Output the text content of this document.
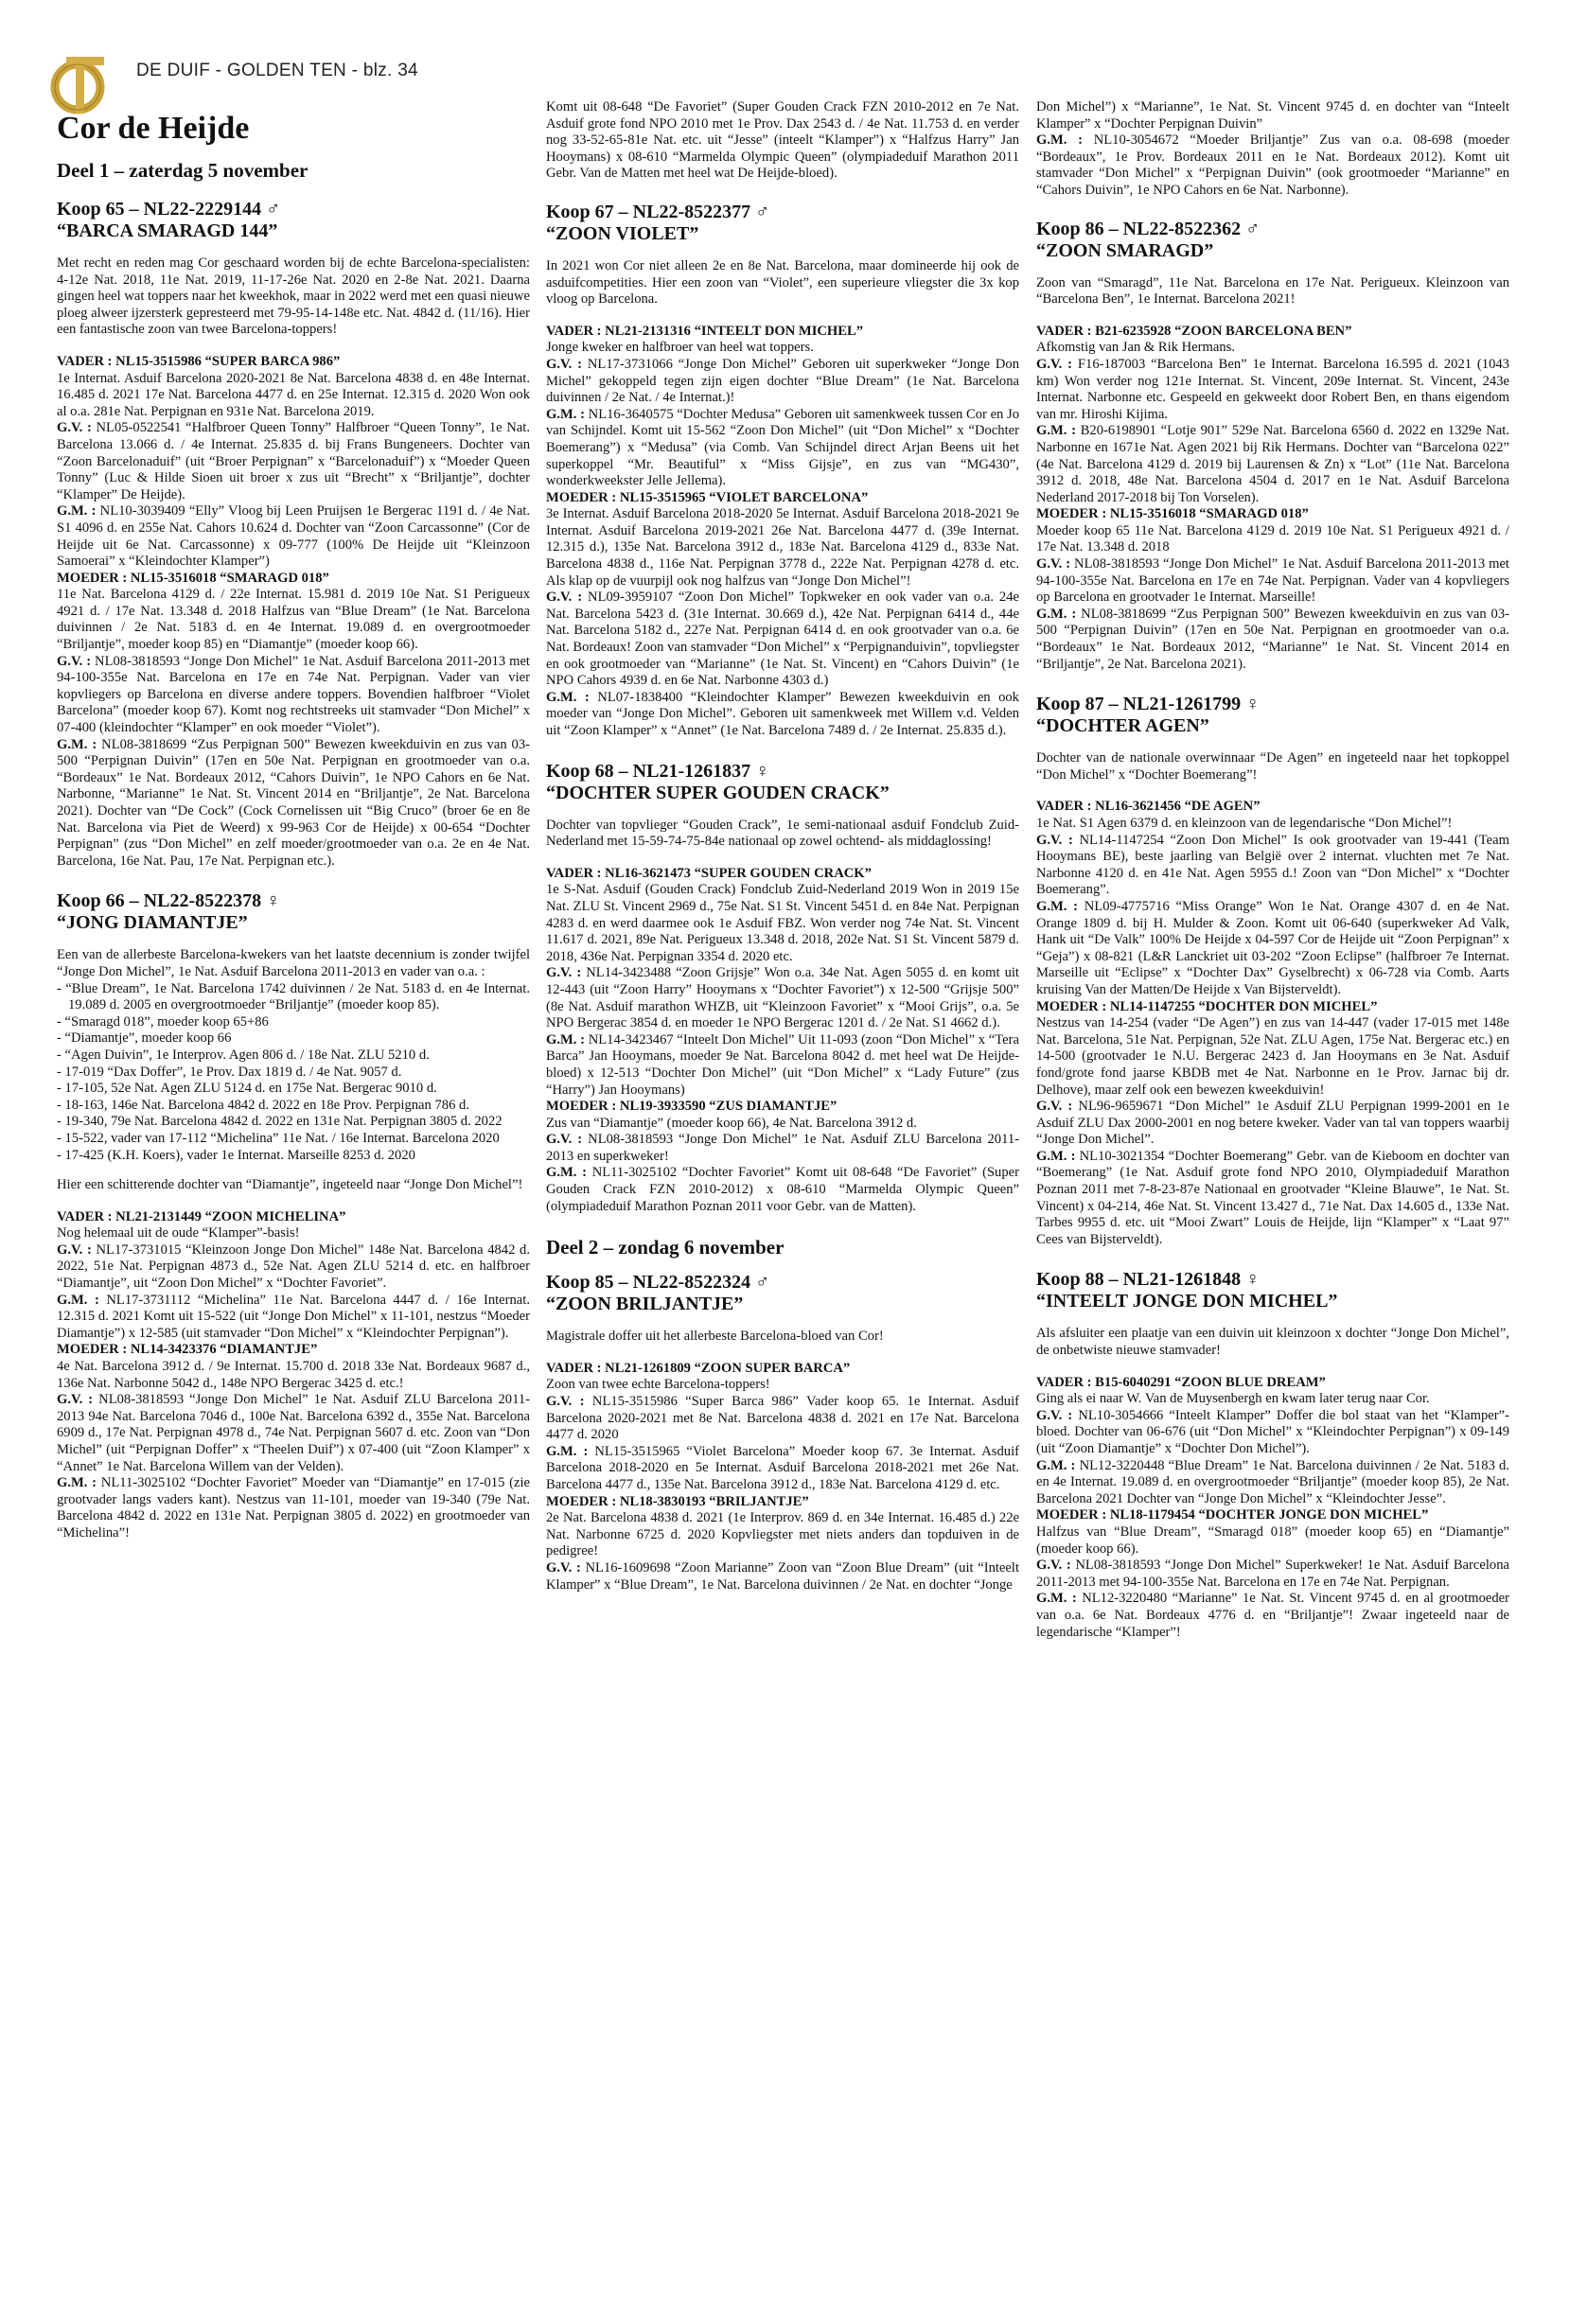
DE DUIF - GOLDEN TEN - blz. 34
Cor de Heijde
Deel 1 – zaterdag 5 november
Koop 65 – NL22-2229144 ♂
“BARCA SMARAGD 144”

Met recht en reden mag Cor geschaard worden bij de echte Barcelona-specialisten: 4-12e Nat. 2018, 11e Nat. 2019, 11-17-26e Nat. 2020 en 2-8e Nat. 2021. Daarna gingen heel wat toppers naar het kweekhok, maar in 2022 werd met een quasi nieuwe ploeg alweer ijzersterk gepresteerd met 79-95-14-148e etc. Nat. 4842 d. (11/16). Hier een fantastische zoon van twee Barcelona-toppers!

VADER : NL15-3515986 “SUPER BARCA 986”
1e Internat. Asduif Barcelona 2020-2021 8e Nat. Barcelona 4838 d. en 48e Internat. 16.485 d. 2021 17e Nat. Barcelona 4477 d. en 25e Internat. 12.315 d. 2020 Won ook al o.a. 281e Nat. Perpignan en 931e Nat. Barcelona 2019.

G.V. : NL05-0522541 “Halfbroer Queen Tonny” Halfbroer “Queen Tonny”, 1e Nat. Barcelona 13.066 d. / 4e Internat. 25.835 d. bij Frans Bungeneers. Dochter van “Zoon Barcelonaduif” (uit “Broer Perpignan” x “Barcelonaduif”) x “Moeder Queen Tonny” (Luc & Hilde Sioen uit broer x zus uit “Brecht” x “Briljantje”, dochter “Klamper” De Heijde).

G.M. : NL10-3039409 “Elly” Vloog bij Leen Pruijsen 1e Bergerac 1191 d. / 4e Nat. S1 4096 d. en 255e Nat. Cahors 10.624 d. Dochter van “Zoon Carcassonne” (Cor de Heijde uit 6e Nat. Carcassonne) x 09-777 (100% De Heijde uit “Kleinzoon Samoerai” x “Kleindochter Klamper”)

MOEDER : NL15-3516018 “SMARAGD 018”
11e Nat. Barcelona 4129 d. / 22e Internat. 15.981 d. 2019 10e Nat. S1 Perigueux 4921 d. / 17e Nat. 13.348 d. 2018 Halfzus van “Blue Dream” (1e Nat. Barcelona duivinnen / 2e Nat. 5183 d. en 4e Internat. 19.089 d. en overgrootmoeder “Briljantje”, moeder koop 85) en “Diamantje” (moeder koop 66).

G.V. : NL08-3818593 “Jonge Don Michel” 1e Nat. Asduif Barcelona 2011-2013 met 94-100-355e Nat. Barcelona en 17e en 74e Nat. Perpignan. Vader van vier kopvliegers op Barcelona en diverse andere toppers. Bovendien halfbroer “Violet Barcelona” (moeder koop 67). Komt nog rechtstreeks uit stamvader “Don Michel” x 07-400 (kleindochter “Klamper” en ook moeder “Violet”).

G.M. : NL08-3818699 “Zus Perpignan 500” Bewezen kweekduivin en zus van 03-500 “Perpignan Duivin” (17en en 50e Nat. Perpignan en grootmoeder van o.a. “Bordeaux” 1e Nat. Bordeaux 2012, “Cahors Duivin”, 1e NPO Cahors en 6e Nat. Narbonne, “Marianne” 1e Nat. St. Vincent 2014 en “Briljantje”, 2e Nat. Barcelona 2021). Dochter van “De Cock” (Cock Cornelissen uit “Big Cruco” (broer 6e en 8e Nat. Barcelona via Piet de Weerd) x 99-963 Cor de Heijde) x 00-654 “Dochter Perpignan” (zus “Don Michel” en zelf moeder/grootmoeder van o.a. 2e en 4e Nat. Barcelona, 16e Nat. Pau, 17e Nat. Perpignan etc.).

Koop 66 – NL22-8522378 ♀
“JONG DIAMANTJE”

Een van de allerbeste Barcelona-kwekers van het laatste decennium is zonder twijfel “Jonge Don Michel”, 1e Nat. Asduif Barcelona 2011-2013 en vader van o.a. :

- “Blue Dream”, 1e Nat. Barcelona 1742 duivinnen / 2e Nat. 5183 d. en 4e Internat. 19.089 d. 2005 en overgrootmoeder “Briljantje” (moeder koop 85).
- “Smaragd 018”, moeder koop 65+86
- “Diamantje”, moeder koop 66
- “Agen Duivin”, 1e Interprov. Agen 806 d. / 18e Nat. ZLU 5210 d.
- 17-019 “Dax Doffer”, 1e Prov. Dax 1819 d. / 4e Nat. 9057 d.
- 17-105, 52e Nat. Agen ZLU 5124 d. en 175e Nat. Bergerac 9010 d.
- 18-163, 146e Nat. Barcelona 4842 d. 2022 en 18e Prov. Perpignan 786 d.
- 19-340, 79e Nat. Barcelona 4842 d. 2022 en 131e Nat. Perpignan 3805 d. 2022
- 15-522, vader van 17-112 “Michelina” 11e Nat. / 16e Internat. Barcelona 2020
- 17-425 (K.H. Koers), vader 1e Internat. Marseille 8253 d. 2020

Hier een schitterende dochter van “Diamantje”, ingeteeld naar “Jonge Don Michel”!

VADER : NL21-2131449 “ZOON MICHELINA”
Nog helemaal uit de oude “Klamper”-basis!

G.V. : NL17-3731015 “Kleinzoon Jonge Don Michel” 148e Nat. Barcelona 4842 d. 2022, 51e Nat. Perpignan 4873 d., 52e Nat. Agen ZLU 5214 d. etc. en halfbroer “Diamantje”, uit “Zoon Don Michel” x “Dochter Favoriet”.

G.M. : NL17-3731112 “Michelina” 11e Nat. Barcelona 4447 d. / 16e Internat. 12.315 d. 2021 Komt uit 15-522 (uit “Jonge Don Michel” x 11-101, nestzus “Moeder Diamantje”) x 12-585 (uit stamvader “Don Michel” x “Kleindochter Perpignan”).

MOEDER : NL14-3423376 “DIAMANTJE”
4e Nat. Barcelona 3912 d. / 9e Internat. 15.700 d. 2018 33e Nat. Bordeaux 9687 d., 136e Nat. Narbonne 5042 d., 148e NPO Bergerac 3425 d. etc.!

G.V. : NL08-3818593 “Jonge Don Michel” 1e Nat. Asduif ZLU Barcelona 2011-2013 94e Nat. Barcelona 7046 d., 100e Nat. Barcelona 6392 d., 355e Nat. Barcelona 6909 d., 17e Nat. Perpignan 4978 d., 74e Nat. Perpignan 5607 d. etc. Zoon van “Don Michel” (uit “Perpignan Doffer” x “Theelen Duif”) x 07-400 (uit “Zoon Klamper” x “Annet” 1e Nat. Barcelona Willem van der Velden).

G.M. : NL11-3025102 “Dochter Favoriet” Moeder van “Diamantje” en 17-015 (zie grootvader langs vaders kant). Nestzus van 11-101, moeder van 19-340 (79e Nat. Barcelona 4842 d. 2022 en 131e Nat. Perpignan 3805 d. 2022) en grootmoeder van “Michelina”!

Komt uit 08-648 “De Favoriet” (Super Gouden Crack FZN 2010-2012 en 7e Nat. Asduif grote fond NPO 2010 met 1e Prov. Dax 2543 d. / 4e Nat. 11.753 d. en verder nog 33-52-65-81e Nat. etc. uit “Jesse” (inteelt “Klamper”) x “Halfzus Harry” Jan Hooymans) x 08-610 “Marmelda Olympic Queen” (olympiadeduif Marathon 2011 Gebr. Van de Matten met heel wat De Heijde-bloed).

Koop 67 – NL22-8522377 ♂
“ZOON VIOLET”

In 2021 won Cor niet alleen 2e en 8e Nat. Barcelona, maar domineerde hij ook de asduifcompetities. Hier een zoon van “Violet”, een superieure vliegster die 3x kop vloog op Barcelona.

VADER : NL21-2131316 “INTEELT DON MICHEL”
Jonge kweker en halfbroer van heel wat toppers.

G.V. : NL17-3731066 “Jonge Don Michel” Geboren uit superkweker “Jonge Don Michel” gekoppeld tegen zijn eigen dochter “Blue Dream” (1e Nat. Barcelona duivinnen / 2e Nat. / 4e Internat.)!

G.M. : NL16-3640575 “Dochter Medusa” Geboren uit samenkweek tussen Cor en Jo van Schijndel. Komt uit 15-562 “Zoon Don Michel” (uit “Don Michel” x “Dochter Boemerang”) x “Medusa” (via Comb. Van Schijndel direct Arjan Beens uit het superkoppel “Mr. Beautiful” x “Miss Gijsje”, en zus van “MG430”, wonderkweekster Jelle Jellema).

MOEDER : NL15-3515965 “VIOLET BARCELONA”
3e Internat. Asduif Barcelona 2018-2020 5e Internat. Asduif Barcelona 2018-2021 9e Internat. Asduif Barcelona 2019-2021 26e Nat. Barcelona 4477 d. (39e Internat. 12.315 d.), 135e Nat. Barcelona 3912 d., 183e Nat. Barcelona 4129 d., 833e Nat. Barcelona 4838 d., 116e Nat. Perpignan 3778 d., 222e Nat. Perpignan 4278 d. etc. Als klap op de vuurpijl ook nog halfzus van “Jonge Don Michel”!

G.V. : NL09-3959107 “Zoon Don Michel” Topkweker en ook vader van o.a. 24e Nat. Barcelona 5423 d. (31e Internat. 30.669 d.), 42e Nat. Perpignan 6414 d., 44e Nat. Barcelona 5182 d., 227e Nat. Perpignan 6414 d. en ook grootvader van o.a. 6e Nat. Bordeaux! Zoon van stamvader “Don Michel” x “Perpignanduivin”, topvliegster en ook grootmoeder van “Marianne” (1e Nat. St. Vincent) en “Cahors Duivin” (1e NPO Cahors 4939 d. en 6e Nat. Narbonne 4303 d.)

G.M. : NL07-1838400 “Kleindochter Klamper” Bewezen kweekduivin en ook moeder van “Jonge Don Michel”. Geboren uit samenkweek met Willem v.d. Velden uit “Zoon Klamper” x “Annet” (1e Nat. Barcelona 7489 d. / 2e Internat. 25.835 d.).

Koop 68 – NL21-1261837 ♀
“DOCHTER SUPER GOUDEN CRACK”

Dochter van topvlieger “Gouden Crack”, 1e semi-nationaal asduif Fondclub Zuid-Nederland met 15-59-74-75-84e nationaal op zowel ochtend- als middaglossing!

VADER : NL16-3621473 “SUPER GOUDEN CRACK”
1e S-Nat. Asduif (Gouden Crack) Fondclub Zuid-Nederland 2019 Won in 2019 15e Nat. ZLU St. Vincent 2969 d., 75e Nat. S1 St. Vincent 5451 d. en 84e Nat. Perpignan 4283 d. en werd daarmee ook 1e Asduif FBZ. Won verder nog 74e Nat. St. Vincent 11.617 d. 2021, 89e Nat. Perigueux 13.348 d. 2018, 202e Nat. S1 St. Vincent 5879 d. 2018, 436e Nat. Perpignan 3354 d. 2020 etc.

G.V. : NL14-3423488 “Zoon Grijsje” Won o.a. 34e Nat. Agen 5055 d. en komt uit 12-443 (uit “Zoon Harry” Hooymans x “Dochter Favoriet”) x 12-500 “Grijsje 500” (8e Nat. Asduif marathon WHZB, uit “Kleinzoon Favoriet” x “Mooi Grijs”, o.a. 5e NPO Bergerac 3854 d. en moeder 1e NPO Bergerac 1201 d. / 2e Nat. S1 4662 d.).

G.M. : NL14-3423467 “Inteelt Don Michel” Uit 11-093 (zoon “Don Michel” x “Tera Barca” Jan Hooymans, moeder 9e Nat. Barcelona 8042 d. met heel wat De Heijde-bloed) x 12-513 “Dochter Don Michel” (uit “Don Michel” x “Lady Future” (zus “Harry”) Jan Hooymans)

MOEDER : NL19-3933590 “ZUS DIAMANTJE”
Zus van “Diamantje” (moeder koop 66), 4e Nat. Barcelona 3912 d.

G.V. : NL08-3818593 “Jonge Don Michel” 1e Nat. Asduif ZLU Barcelona 2011-2013 en superkweker!

G.M. : NL11-3025102 “Dochter Favoriet” Komt uit 08-648 “De Favoriet” (Super Gouden Crack FZN 2010-2012) x 08-610 “Marmelda Olympic Queen” (olympiadeduif Marathon Poznan 2011 voor Gebr. van de Matten).

Deel 2 – zondag 6 november
Koop 85 – NL22-8522324 ♂
“ZOON BRILJANTJE”

Magistrale doffer uit het allerbeste Barcelona-bloed van Cor!

VADER : NL21-1261809 “ZOON SUPER BARCA”
Zoon van twee echte Barcelona-toppers!

G.V. : NL15-3515986 “Super Barca 986” Vader koop 65. 1e Internat. Asduif Barcelona 2020-2021 met 8e Nat. Barcelona 4838 d. 2021 en 17e Nat. Barcelona 4477 d. 2020

G.M. : NL15-3515965 “Violet Barcelona” Moeder koop 67. 3e Internat. Asduif Barcelona 2018-2020 en 5e Internat. Asduif Barcelona 2018-2021 met 26e Nat. Barcelona 4477 d., 135e Nat. Barcelona 3912 d., 183e Nat. Barcelona 4129 d. etc.

MOEDER : NL18-3830193 “BRILJANTJE”
2e Nat. Barcelona 4838 d. 2021 (1e Interprov. 869 d. en 34e Internat. 16.485 d.) 22e Nat. Narbonne 6725 d. 2020 Kopvliegster met niets anders dan topduiven in de pedigree!

G.V. : NL16-1609698 “Zoon Marianne” Zoon van “Zoon Blue Dream” (uit “Inteelt Klamper” x “Blue Dream”, 1e Nat. Barcelona duivinnen / 2e Nat. en dochter “Jonge

Don Michel”) x “Marianne”, 1e Nat. St. Vincent 9745 d. en dochter van “Inteelt Klamper” x “Dochter Perpignan Duivin”

G.M. : NL10-3054672 “Moeder Briljantje” Zus van o.a. 08-698 (moeder “Bordeaux”, 1e Prov. Bordeaux 2011 en 1e Nat. Bordeaux 2012). Komt uit stamvader “Don Michel” x “Perpignan Duivin” (ook grootmoeder “Marianne” en “Cahors Duivin”, 1e NPO Cahors en 6e Nat. Narbonne).

Koop 86 – NL22-8522362 ♂
“ZOON SMARAGD”

Zoon van “Smaragd”, 11e Nat. Barcelona en 17e Nat. Perigueux. Kleinzoon van “Barcelona Ben”, 1e Internat. Barcelona 2021!

VADER : B21-6235928 “ZOON BARCELONA BEN”
Afkomstig van Jan & Rik Hermans.

G.V. : F16-187003 “Barcelona Ben” 1e Internat. Barcelona 16.595 d. 2021 (1043 km) Won verder nog 121e Internat. St. Vincent, 209e Internat. St. Vincent, 243e Internat. Narbonne etc. Gespeeld en gekweekt door Robert Ben, en thans eigendom van mr. Hiroshi Kijima.

G.M. : B20-6198901 “Lotje 901” 529e Nat. Barcelona 6560 d. 2022 en 1329e Nat. Narbonne en 1671e Nat. Agen 2021 bij Rik Hermans. Dochter van “Barcelona 022” (4e Nat. Barcelona 4129 d. 2019 bij Laurensen & Zn) x “Lot” (11e Nat. Barcelona 3912 d. 2018, 48e Nat. Barcelona 4504 d. 2017 en 1e Nat. Asduif Barcelona Nederland 2017-2018 bij Ton Vorselen).

MOEDER : NL15-3516018 “SMARAGD 018”
Moeder koop 65 11e Nat. Barcelona 4129 d. 2019 10e Nat. S1 Perigueux 4921 d. / 17e Nat. 13.348 d. 2018

G.V. : NL08-3818593 “Jonge Don Michel” 1e Nat. Asduif Barcelona 2011-2013 met 94-100-355e Nat. Barcelona en 17e en 74e Nat. Perpignan. Vader van 4 kopvliegers op Barcelona en grootvader 1e Internat. Marseille!

G.M. : NL08-3818699 “Zus Perpignan 500” Bewezen kweekduivin en zus van 03-500 “Perpignan Duivin” (17en en 50e Nat. Perpignan en grootmoeder van o.a. “Bordeaux” 1e Nat. Bordeaux 2012, “Marianne” 1e Nat. St. Vincent 2014 en “Briljantje”, 2e Nat. Barcelona 2021).

Koop 87 – NL21-1261799 ♀
“DOCHTER AGEN”

Dochter van de nationale overwinnaar “De Agen” en ingeteeld naar het topkoppel “Don Michel” x “Dochter Boemerang”!

VADER : NL16-3621456 “DE AGEN”
1e Nat. S1 Agen 6379 d. en kleinzoon van de legendarische “Don Michel”!

G.V. : NL14-1147254 “Zoon Don Michel” Is ook grootvader van 19-441 (Team Hooymans BE), beste jaarling van België over 2 internat. vluchten met 7e Nat. Narbonne 4120 d. en 41e Nat. Agen 5955 d.! Zoon van “Don Michel” x “Dochter Boemerang”.

G.M. : NL09-4775716 “Miss Orange” Won 1e Nat. Orange 4307 d. en 4e Nat. Orange 1809 d. bij H. Mulder & Zoon. Komt uit 06-640 (superkweker Ad Valk, Hank uit “De Valk” 100% De Heijde x 04-597 Cor de Heijde uit “Zoon Perpignan” x “Geja”) x 08-821 (L&R Lanckriet uit 03-202 “Zoon Eclipse” (halfbroer 7e Internat. Marseille uit “Eclipse” x “Dochter Dax” Gyselbrecht) x 06-728 via Comb. Aarts kruising Van der Matten/De Heijde x Van Bijsterveldt).

MOEDER : NL14-1147255 “DOCHTER DON MICHEL”
Nestzus van 14-254 (vader “De Agen”) en zus van 14-447 (vader 17-015 met 148e Nat. Barcelona, 51e Nat. Perpignan, 52e Nat. ZLU Agen, 175e Nat. Bergerac etc.) en 14-500 (grootvader 1e N.U. Bergerac 2423 d. Jan Hooymans en 3e Nat. Asduif fond/grote fond jaarse KBDB met 4e Nat. Narbonne en 1e Prov. Jarnac bij dr. Delhove), maar zelf ook een bewezen kweekduivin!

G.V. : NL96-9659671 “Don Michel” 1e Asduif ZLU Perpignan 1999-2001 en 1e Asduif ZLU Dax 2000-2001 en nog betere kweker. Vader van tal van toppers waarbij “Jonge Don Michel”.

G.M. : NL10-3021354 “Dochter Boemerang” Gebr. van de Kieboom en dochter van “Boemerang” (1e Nat. Asduif grote fond NPO 2010, Olympiadeduif Marathon Poznan 2011 met 7-8-23-87e Nationaal en grootvader “Kleine Blauwe”, 1e Nat. St. Vincent) x 04-214, 46e Nat. St. Vincent 13.427 d., 71e Nat. Dax 14.605 d., 133e Nat. Tarbes 9955 d. etc. uit “Mooi Zwart” Louis de Heijde, lijn “Klamper” x “Laat 97” Cees van Bijsterveldt).

Koop 88 – NL21-1261848 ♀
“INTEELT JONGE DON MICHEL”

Als afsluiter een plaatje van een duivin uit kleinzoon x dochter “Jonge Don Michel”, de onbetwiste nieuwe stamvader!

VADER : B15-6040291 “ZOON BLUE DREAM”
Ging als ei naar W. Van de Muysenbergh en kwam later terug naar Cor.

G.V. : NL10-3054666 “Inteelt Klamper” Doffer die bol staat van het “Klamper”-bloed. Dochter van 06-676 (uit “Don Michel” x “Kleindochter Perpignan”) x 09-149 (uit “Zoon Diamantje” x “Dochter Don Michel”).

G.M. : NL12-3220448 “Blue Dream” 1e Nat. Barcelona duivinnen / 2e Nat. 5183 d. en 4e Internat. 19.089 d. en overgrootmoeder “Briljantje” (moeder koop 85), 2e Nat. Barcelona 2021 Dochter van “Jonge Don Michel” x “Kleindochter Jesse”.

MOEDER : NL18-1179454 “DOCHTER JONGE DON MICHEL”
Halfzus van “Blue Dream”, “Smaragd 018” (moeder koop 65) en “Diamantje” (moeder koop 66).

G.V. : NL08-3818593 “Jonge Don Michel” Superkweker! 1e Nat. Asduif Barcelona 2011-2013 met 94-100-355e Nat. Barcelona en 17e en 74e Nat. Perpignan.

G.M. : NL12-3220480 “Marianne” 1e Nat. St. Vincent 9745 d. en al grootmoeder van o.a. 6e Nat. Bordeaux 4776 d. en “Briljantje”! Zwaar ingeteeld naar de legendarische “Klamper”!
